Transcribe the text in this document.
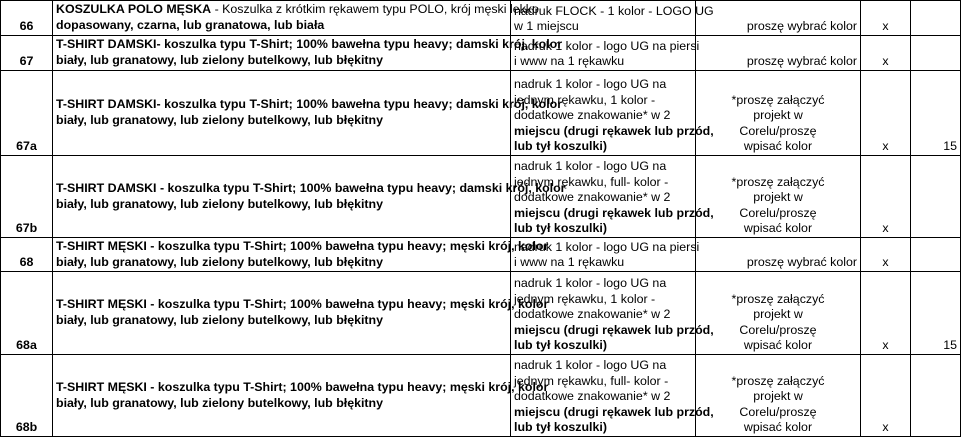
66	KOSZULKA POLO MĘSKA - Koszulka z krótkim rękawem typu POLO, krój męski lekko
dopasowany, czarna, lub granatowa, lub biała	nadruk FLOCK - 1 kolor - LOGO UG
w 1 miejscu	proszę wybrać kolor	x	
67	T-SHIRT DAMSKI- koszulka typu T-Shirt; 100% bawełna typu heavy; damski krój, kolor
biały, lub granatowy, lub zielony butelkowy, lub błękitny	nadruk 1 kolor - logo UG na piersi
i www na 1 rękawku	proszę wybrać kolor	x	
67a	T-SHIRT DAMSKI- koszulka typu T-Shirt; 100% bawełna typu heavy; damski krój, kolor
biały, lub granatowy, lub zielony butelkowy, lub błękitny	nadruk 1 kolor - logo UG na
jednym rękawku, 1 kolor -
dodatkowe znakowanie* w 2
miejscu (drugi rękawek lub przód,
lub tył koszulki)	*proszę załączyć
projekt w
Corelu/proszę
wpisać kolor	x	15
67b	T-SHIRT DAMSKI - koszulka typu T-Shirt; 100% bawełna typu heavy; damski krój, kolor
biały, lub granatowy, lub zielony butelkowy, lub błękitny	nadruk 1 kolor - logo UG na
jednym rękawku, full- kolor -
dodatkowe znakowanie* w 2
miejscu (drugi rękawek lub przód,
lub tył koszulki)	*proszę załączyć
projekt w
Corelu/proszę
wpisać kolor	x	
68	T-SHIRT MĘSKI - koszulka typu T-Shirt; 100% bawełna typu heavy; męski krój, kolor
biały, lub granatowy, lub zielony butelkowy, lub błękitny	nadruk 1 kolor - logo UG na piersi
i www na 1 rękawku	proszę wybrać kolor	x	
68a	T-SHIRT MĘSKI - koszulka typu T-Shirt; 100% bawełna typu heavy; męski krój, kolor
biały, lub granatowy, lub zielony butelkowy, lub błękitny	nadruk 1 kolor - logo UG na
jednym rękawku, 1 kolor -
dodatkowe znakowanie* w 2
miejscu (drugi rękawek lub przód,
lub tył koszulki)	*proszę załączyć
projekt w
Corelu/proszę
wpisać kolor	x	15
68b	T-SHIRT MĘSKI - koszulka typu T-Shirt; 100% bawełna typu heavy; męski krój, kolor
biały, lub granatowy, lub zielony butelkowy, lub błękitny	nadruk 1 kolor - logo UG na
jednym rękawku, full- kolor -
dodatkowe znakowanie* w 2
miejscu (drugi rękawek lub przód,
lub tył koszulki)	*proszę załączyć
projekt w
Corelu/proszę
wpisać kolor	x	
